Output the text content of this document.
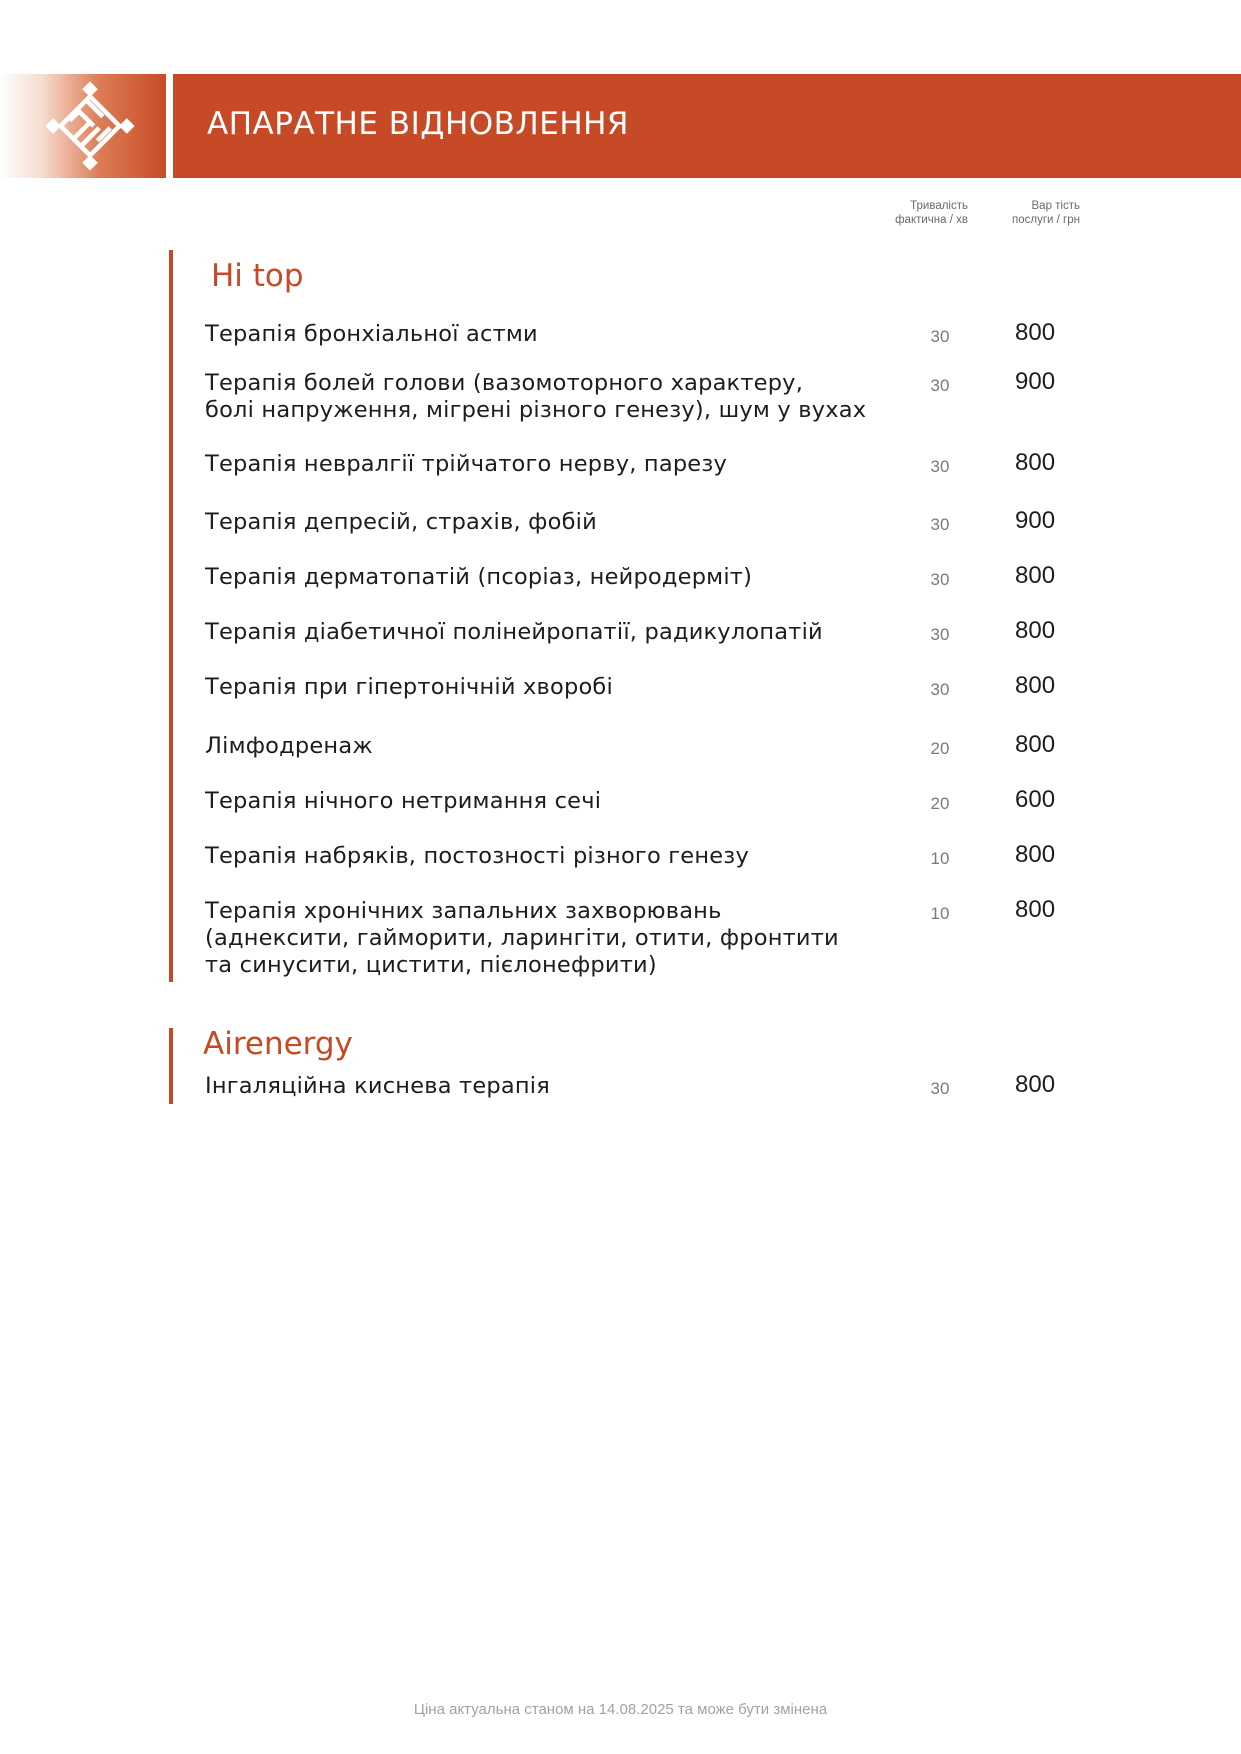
АПАРАТНЕ ВІДНОВЛЕННЯ
Тривалість
фактична / хв
Вар тість
послуги / грн
Hi top
Терапія бронхіальної астми	30	800
Терапія болей голови (вазомоторного характеру,
болі напруження, мігрені різного генезу), шум у вухах
30	900
Терапія невралгії трійчатого нерву, парезу	30	800
Терапія депресій, страхів, фобій	30	900
Терапія дерматопатій (псоріаз, нейродерміт)	30	800
Терапія діабетичної полінейропатії, радикулопатій	30	800
Терапія при гіпертонічній хворобі	30	800
Лімфодренаж	20	800
Терапія нічного нетримання сечі	20	600
Терапія набряків, постозності різного генезу	10	800
Терапія хронічних запальних захворювань
(аднексити, гайморити, ларингіти, отити, фронтити
та синусити, цистити, пієлонефрити)
10	800
Airenergy
Інгаляційна киснева терапія	30	800
Ціна актуальна станом на 14.08.2025 та може бути змінена
